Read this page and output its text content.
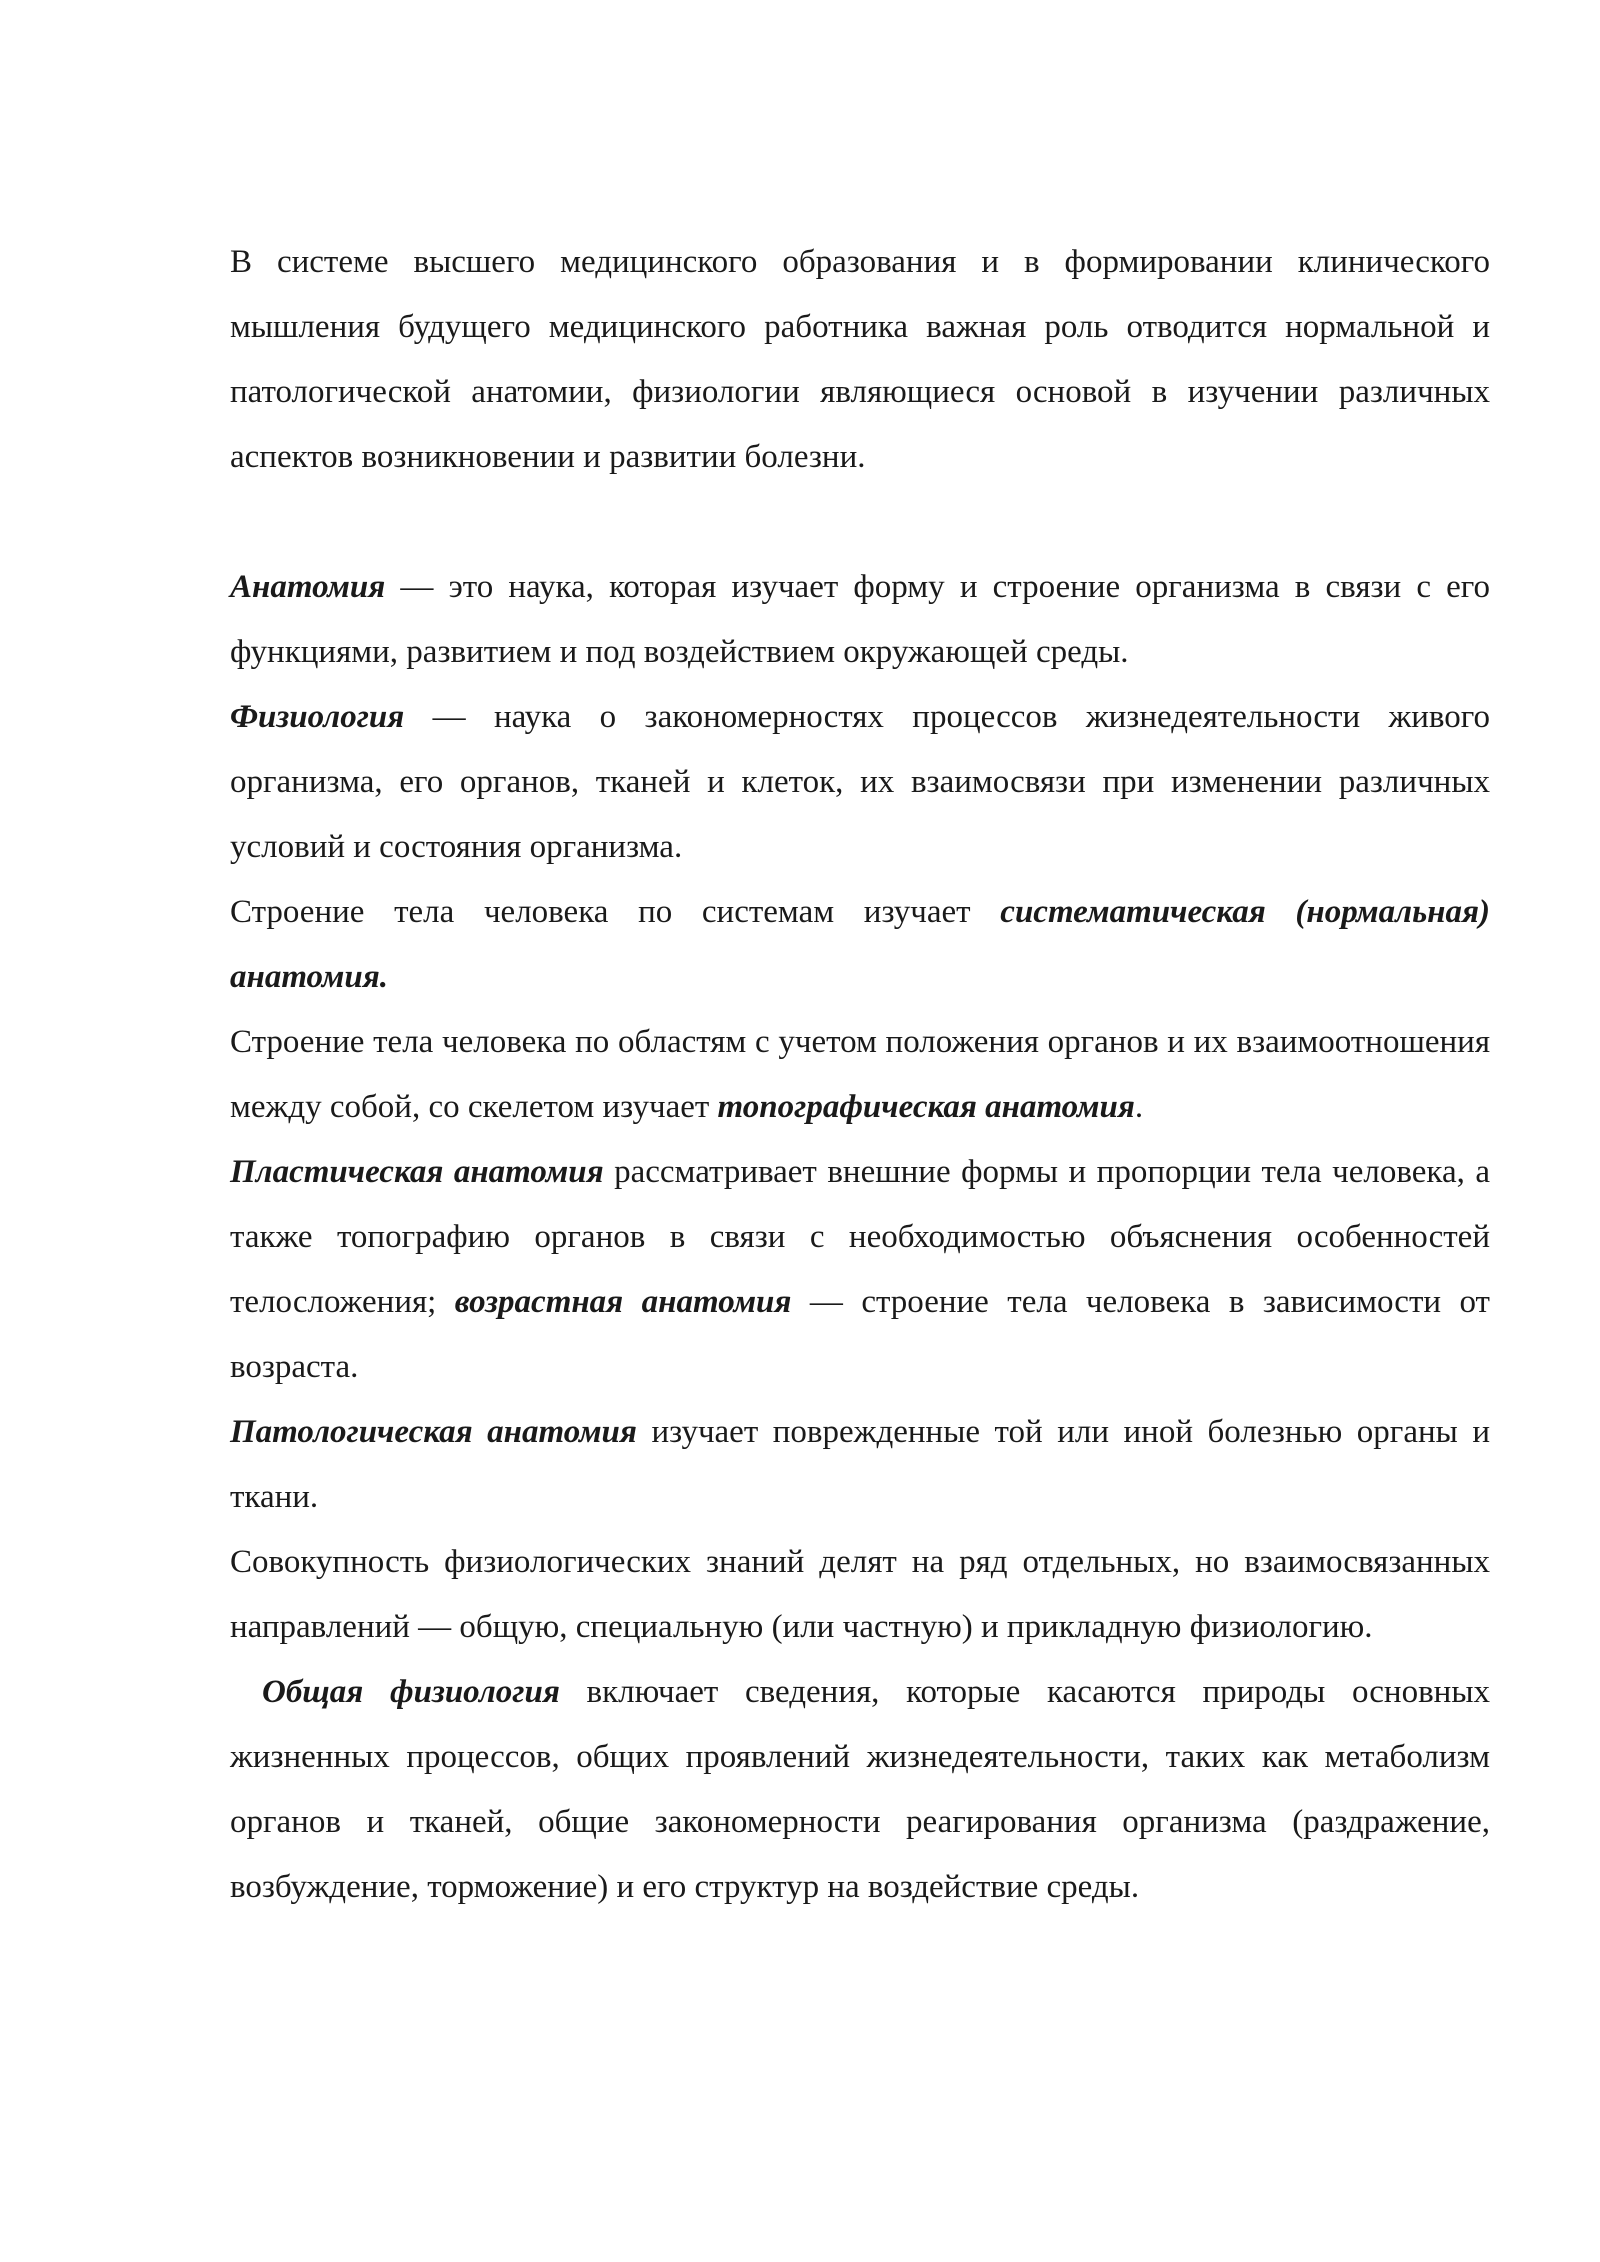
В системе высшего медицинского образования и в формировании клинического мышления будущего медицинского работника важная роль отводится нормальной и патологической анатомии, физиологии являющиеся основой в изучении различных аспектов возникновении и развитии болезни.

Анатомия — это наука, которая изучает форму и строение организма в связи с его функциями, развитием и под воздействием окружающей среды.

Физиология — наука о закономерностях процессов жизнедеятельности живого организма, его органов, тканей и клеток, их взаимосвязи при изменении различных условий и состояния организма.

Строение тела человека по системам изучает систематическая (нормальная) анатомия.

Строение тела человека по областям с учетом положения органов и их взаимоотношения между собой, со скелетом изучает топографическая анатомия.

Пластическая анатомия рассматривает внешние формы и пропорции тела человека, а также топографию органов в связи с необходимостью объяснения особенностей телосложения; возрастная анатомия — строение тела человека в зависимости от возраста.

Патологическая анатомия изучает поврежденные той или иной болезнью органы и ткани.

Совокупность физиологических знаний делят на ряд отдельных, но взаимосвязанных направлений — общую, специальную (или частную) и прикладную физиологию.

Общая физиология включает сведения, которые касаются природы основных жизненных процессов, общих проявлений жизнедеятельности, таких как метаболизм органов и тканей, общие закономерности реагирования организма (раздражение, возбуждение, торможение) и его структур на воздействие среды.
